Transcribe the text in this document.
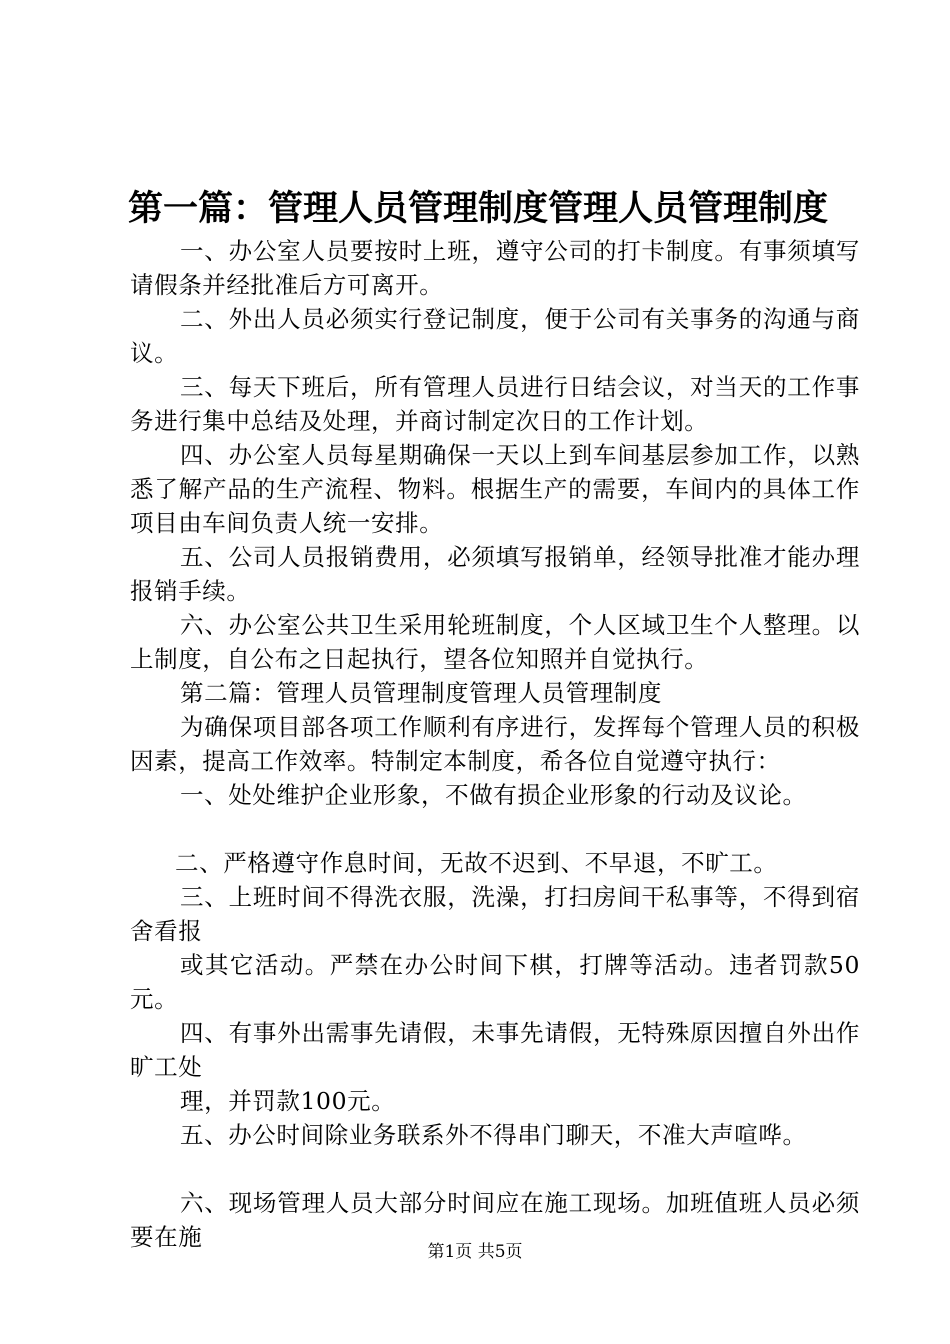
第一篇：管理人员管理制度管理人员管理制度

一、办公室人员要按时上班，遵守公司的打卡制度。有事须填写请假条并经批准后方可离开。

二、外出人员必须实行登记制度，便于公司有关事务的沟通与商议。

三、每天下班后，所有管理人员进行日结会议，对当天的工作事务进行集中总结及处理，并商讨制定次日的工作计划。

四、办公室人员每星期确保一天以上到车间基层参加工作，以熟悉了解产品的生产流程、物料。根据生产的需要，车间内的具体工作项目由车间负责人统一安排。

五、公司人员报销费用，必须填写报销单，经领导批准才能办理报销手续。

六、办公室公共卫生采用轮班制度，个人区域卫生个人整理。以上制度，自公布之日起执行，望各位知照并自觉执行。

第二篇：管理人员管理制度管理人员管理制度

为确保项目部各项工作顺利有序进行，发挥每个管理人员的积极因素，提高工作效率。特制定本制度，希各位自觉遵守执行：

一、处处维护企业形象，不做有损企业形象的行动及议论。

二、严格遵守作息时间，无故不迟到、不早退，不旷工。

三、上班时间不得洗衣服，洗澡，打扫房间干私事等，不得到宿舍看报

或其它活动。严禁在办公时间下棋，打牌等活动。违者罚款50元。

四、有事外出需事先请假，未事先请假，无特殊原因擅自外出作旷工处

理，并罚款100元。

五、办公时间除业务联系外不得串门聊天，不准大声喧哗。

六、现场管理人员大部分时间应在施工现场。加班值班人员必须要在施

第1页 共5页
